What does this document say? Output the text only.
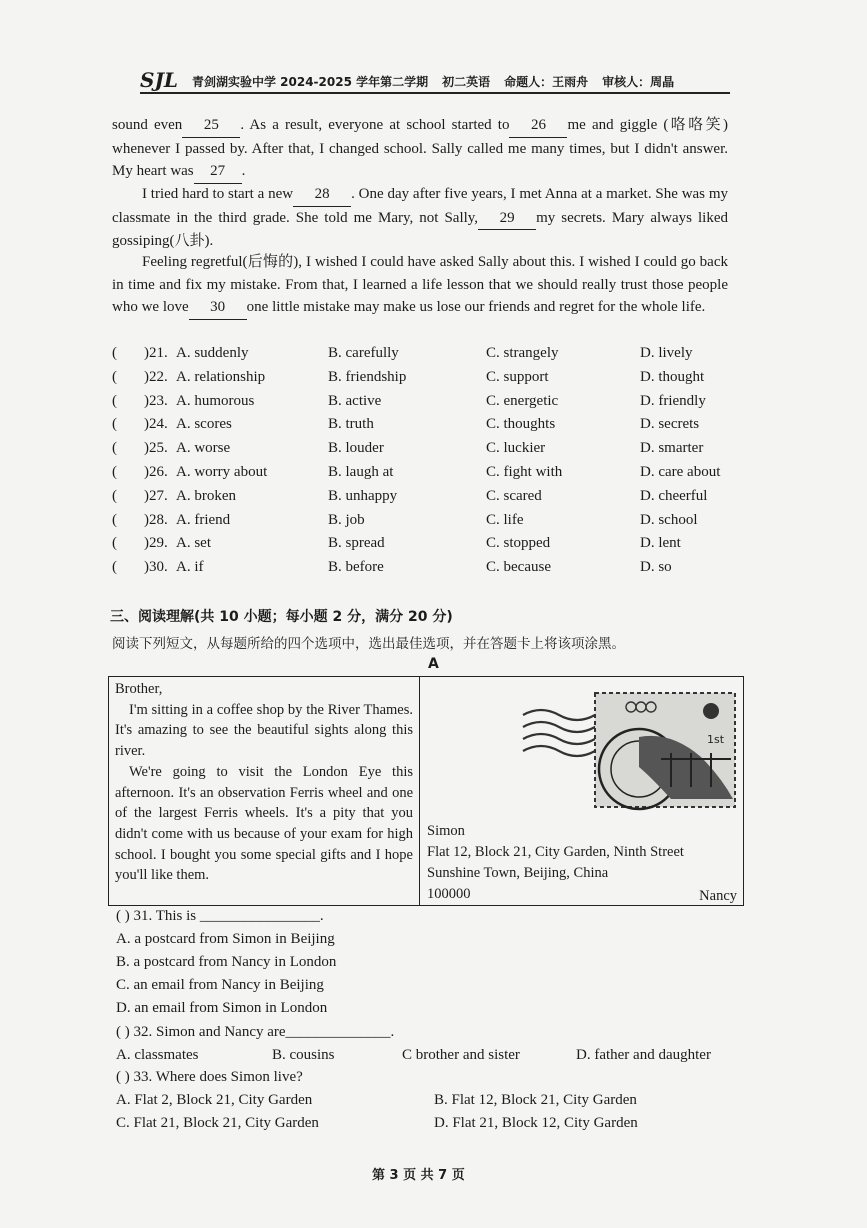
SJL 青剑湖实验中学 2024-2025 学年第二学期 初二英语 命题人：王雨舟 审核人：周晶
sound even 25 . As a result, everyone at school started to 26 me and giggle (咯咯笑) whenever I passed by. After that, I changed school. Sally called me many times, but I didn't answer. My heart was 27 .
I tried hard to start a new 28 . One day after five years, I met Anna at a market. She was my classmate in the third grade. She told me Mary, not Sally, 29 my secrets. Mary always liked gossiping(八卦).
Feeling regretful(后悔的), I wished I could have asked Sally about this. I wished I could go back in time and fix my mistake. From that, I learned a life lesson that we should really trust those people who we love 30 one little mistake may make us lose our friends and regret for the whole life.
( )21. A. suddenly	B. carefully	C. strangely	D. lively
( )22. A. relationship	B. friendship	C. support	D. thought
( )23. A. humorous	B. active	C. energetic	D. friendly
( )24. A. scores	B. truth	C. thoughts	D. secrets
( )25. A. worse	B. louder	C. luckier	D. smarter
( )26. A. worry about	B. laugh at	C. fight with	D. care about
( )27. A. broken	B. unhappy	C. scared	D. cheerful
( )28. A. friend	B. job	C. life	D. school
( )29. A. set	B. spread	C. stopped	D. lent
( )30. A. if	B. before	C. because	D. so
三、阅读理解(共 10 小题；每小题 2 分，满分 20 分)
阅读下列短文，从每题所给的四个选项中，选出最佳选项，并在答题卡上将该项涂黑。
A
Brother,
I'm sitting in a coffee shop by the River Thames. It's amazing to see the beautiful sights along this river.
We're going to visit the London Eye this afternoon. It's an observation Ferris wheel and one of the largest Ferris wheels. It's a pity that you didn't come with us because of your exam for high school. I bought you some special gifts and I hope you'll like them.
Nancy
1st
Simon
Flat 12, Block 21, City Garden, Ninth Street
Sunshine Town, Beijing, China
100000
( ) 31. This is ________________.
A. a postcard from Simon in Beijing
B. a postcard from Nancy in London
C. an email from Nancy in Beijing
D. an email from Simon in London
( ) 32. Simon and Nancy are______________.
A. classmates	B. cousins	C brother and sister	D. father and daughter
( ) 33. Where does Simon live?
A. Flat 2, Block 21, City Garden	B. Flat 12, Block 21, City Garden
C. Flat 21, Block 21, City Garden	D. Flat 21, Block 12, City Garden
第 3 页 共 7 页
